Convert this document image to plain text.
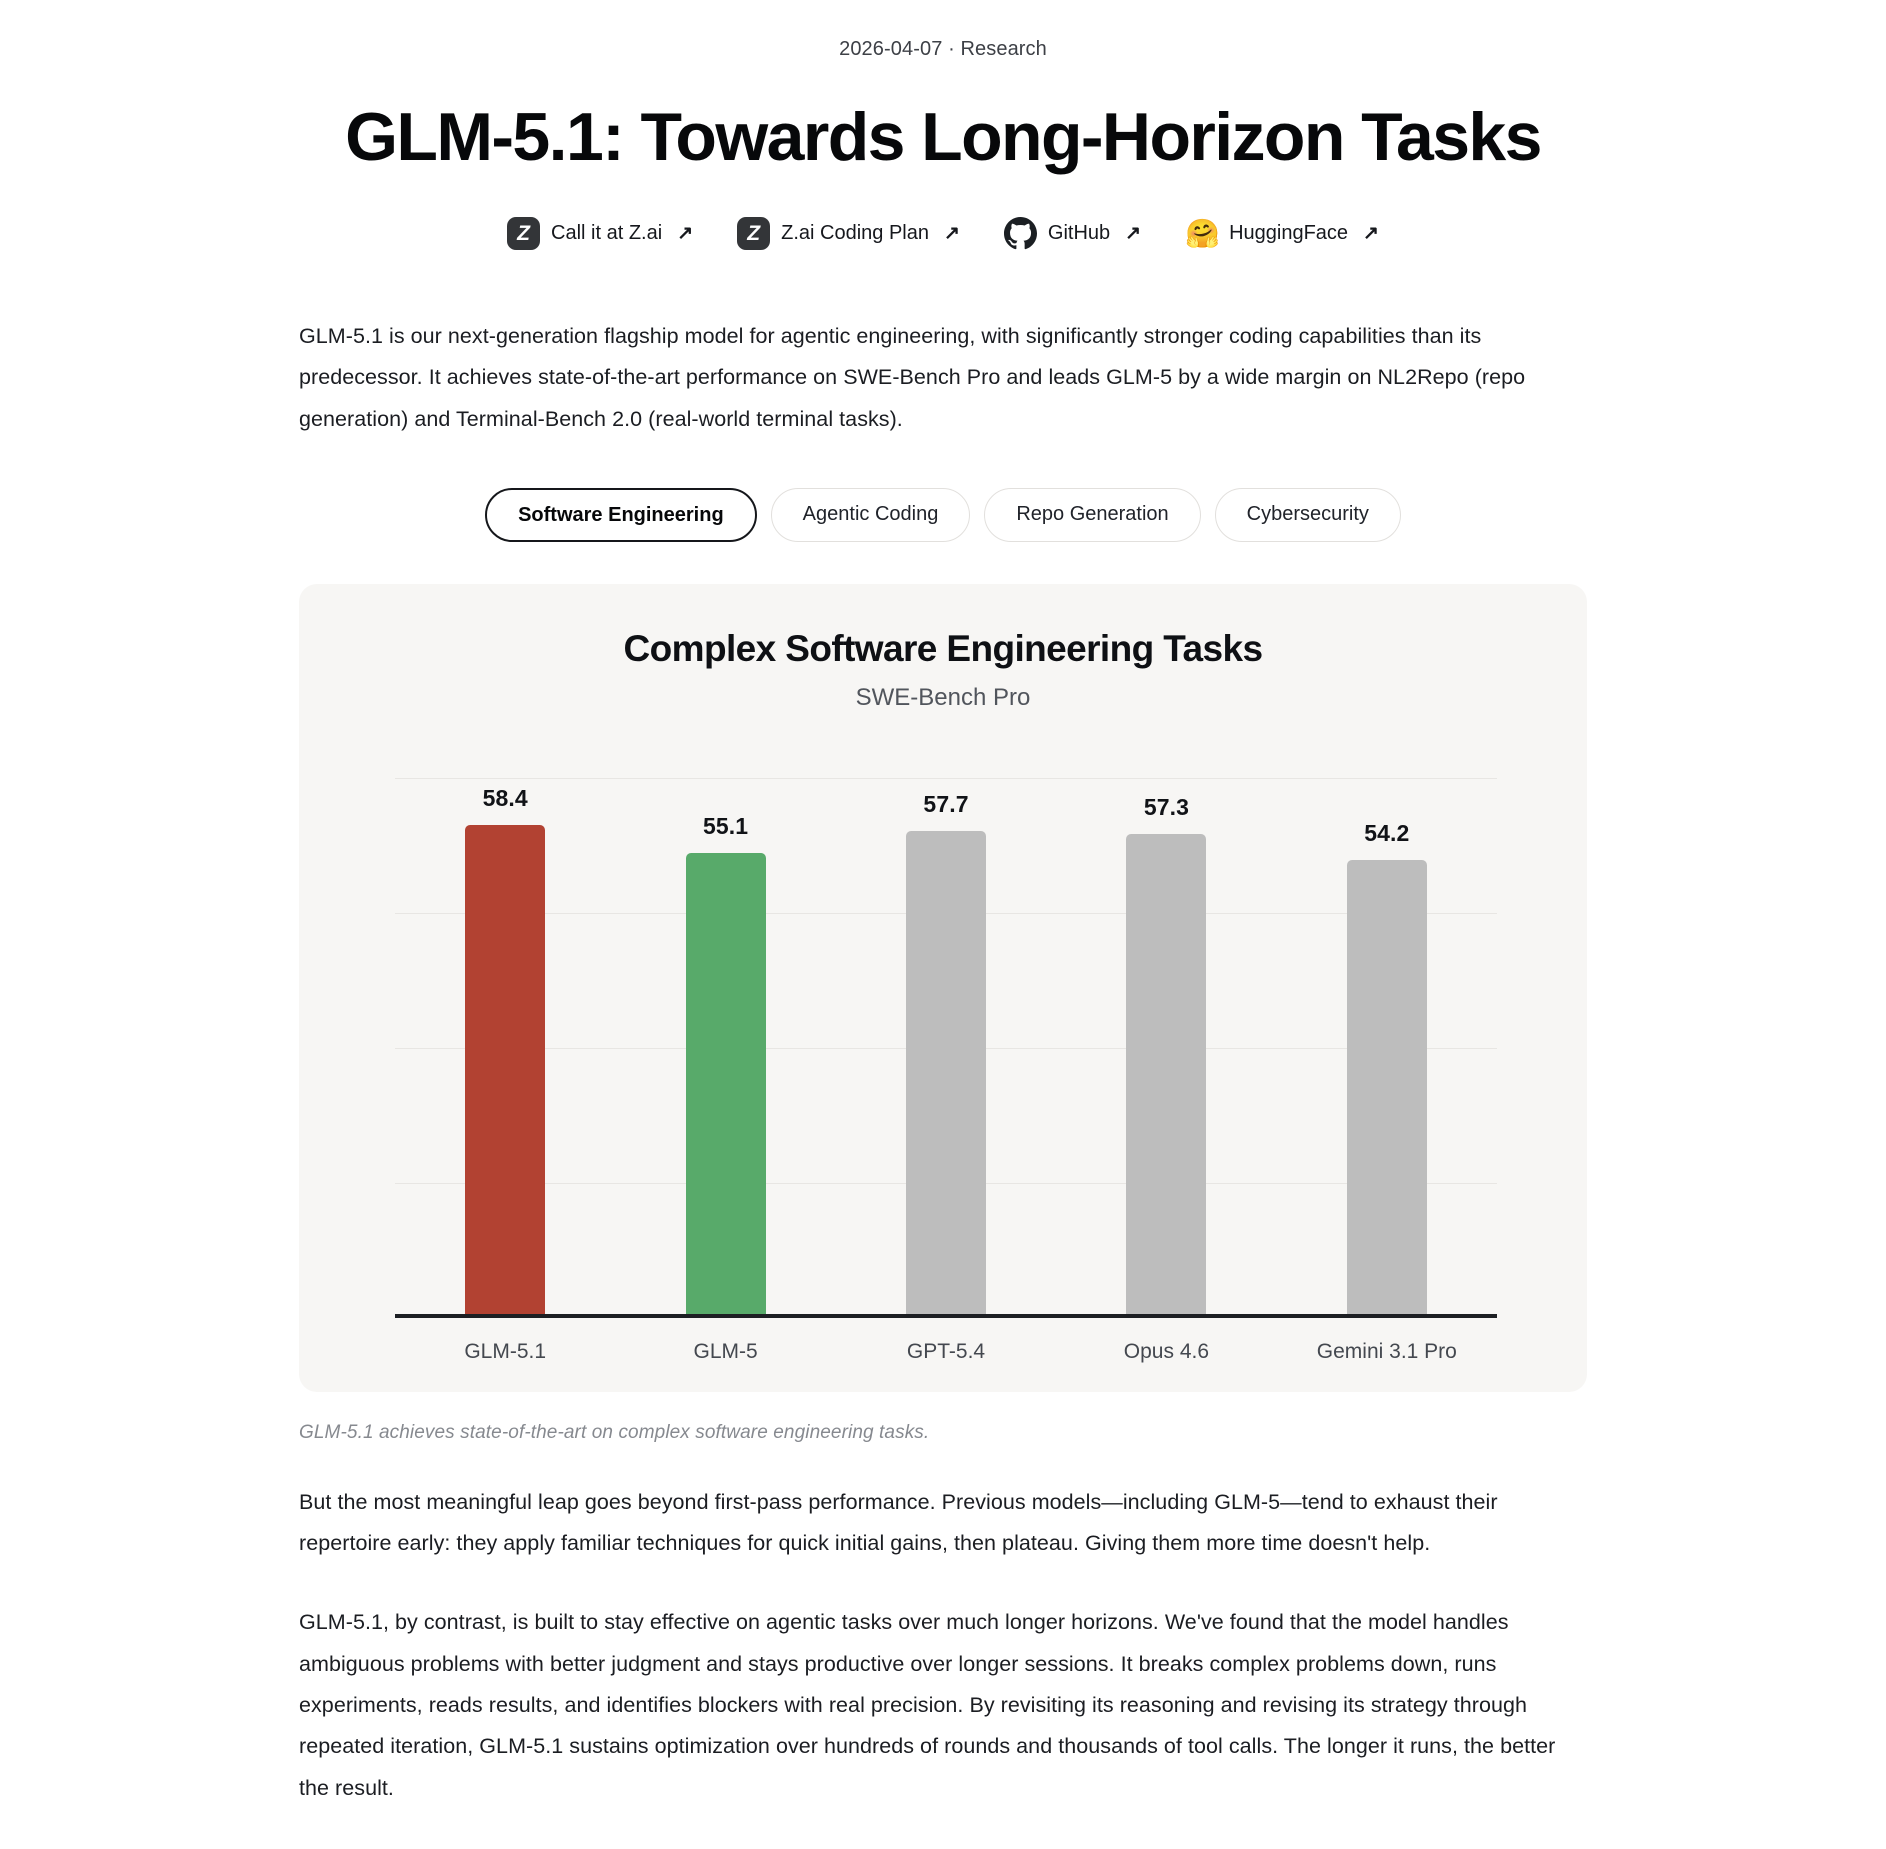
2026-04-07 · Research
GLM-5.1: Towards Long-Horizon Tasks
Z	Call it at Z.ai ↗	Z	Z.ai Coding Plan ↗	GitHub ↗ 🤗 HuggingFace ↗

GLM-5.1 is our next-generation flagship model for agentic engineering, with significantly stronger coding capabilities than its predecessor. It achieves state-of-the-art performance on SWE-Bench Pro and leads GLM-5 by a wide margin on NL2Repo (repo generation) and Terminal-Bench 2.0 (real-world terminal tasks).

Software Engineering	Agentic Coding	Repo Generation	Cybersecurity
Complex Software Engineering Tasks
SWE-Bench Pro
58.4
55.1
57.7	57.3
54.2
GLM-5.1	GLM-5	GPT-5.4	Opus 4.6	Gemini 3.1 Pro

GLM-5.1 achieves state-of-the-art on complex software engineering tasks.

But the most meaningful leap goes beyond first-pass performance. Previous models—including GLM-5—tend to exhaust their repertoire early: they apply familiar techniques for quick initial gains, then plateau. Giving them more time doesn't help.

GLM-5.1, by contrast, is built to stay effective on agentic tasks over much longer horizons. We've found that the model handles ambiguous problems with better judgment and stays productive over longer sessions. It breaks complex problems down, runs experiments, reads results, and identifies blockers with real precision. By revisiting its reasoning and revising its strategy through repeated iteration, GLM-5.1 sustains optimization over hundreds of rounds and thousands of tool calls. The longer it runs, the better the result.
